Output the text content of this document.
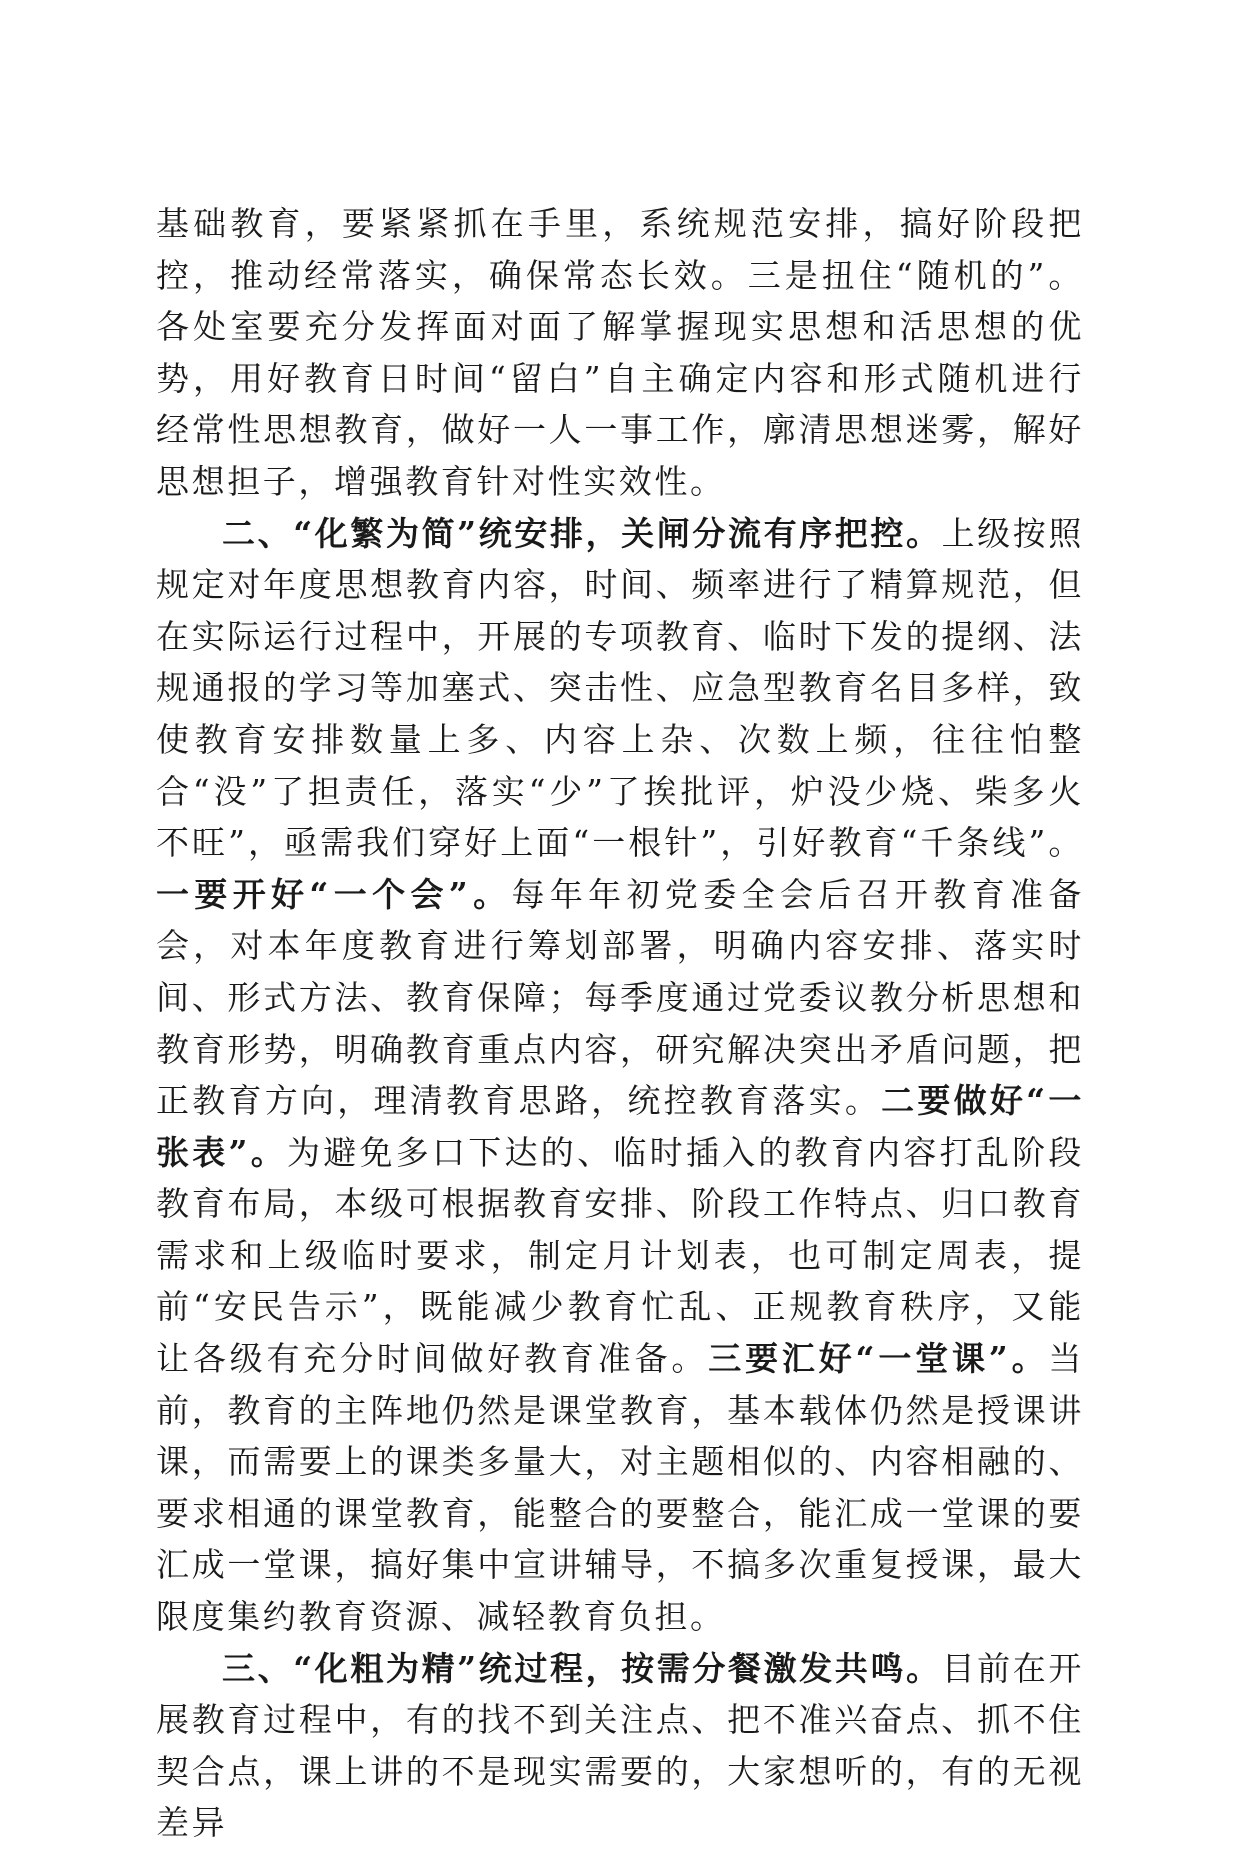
基础教育，要紧紧抓在手里，系统规范安排，搞好阶段把控，推动经常落实，确保常态长效。三是扭住“随机的”。各处室要充分发挥面对面了解掌握现实思想和活思想的优势，用好教育日时间“留白”自主确定内容和形式随机进行经常性思想教育，做好一人一事工作，廓清思想迷雾，解好思想担子，增强教育针对性实效性。

二、“化繁为简”统安排，关闸分流有序把控。上级按照规定对年度思想教育内容，时间、频率进行了精算规范，但在实际运行过程中，开展的专项教育、临时下发的提纲、法规通报的学习等加塞式、突击性、应急型教育名目多样，致使教育安排数量上多、内容上杂、次数上频，往往怕整合“没”了担责任，落实“少”了挨批评，炉没少烧、柴多火不旺”，亟需我们穿好上面“一根针”，引好教育“千条线”。一要开好“一个会”。每年年初党委全会后召开教育准备会，对本年度教育进行筹划部署，明确内容安排、落实时间、形式方法、教育保障；每季度通过党委议教分析思想和教育形势，明确教育重点内容，研究解决突出矛盾问题，把正教育方向，理清教育思路，统控教育落实。二要做好“一张表”。为避免多口下达的、临时插入的教育内容打乱阶段教育布局，本级可根据教育安排、阶段工作特点、归口教育需求和上级临时要求，制定月计划表，也可制定周表，提前“安民告示”，既能减少教育忙乱、正规教育秩序，又能让各级有充分时间做好教育准备。三要汇好“一堂课”。当前，教育的主阵地仍然是课堂教育，基本载体仍然是授课讲课，而需要上的课类多量大，对主题相似的、内容相融的、要求相通的课堂教育，能整合的要整合，能汇成一堂课的要汇成一堂课，搞好集中宣讲辅导，不搞多次重复授课，最大限度集约教育资源、减轻教育负担。

三、“化粗为精”统过程，按需分餐激发共鸣。目前在开展教育过程中，有的找不到关注点、把不准兴奋点、抓不住契合点，课上讲的不是现实需要的，大家想听的，有的无视差异
